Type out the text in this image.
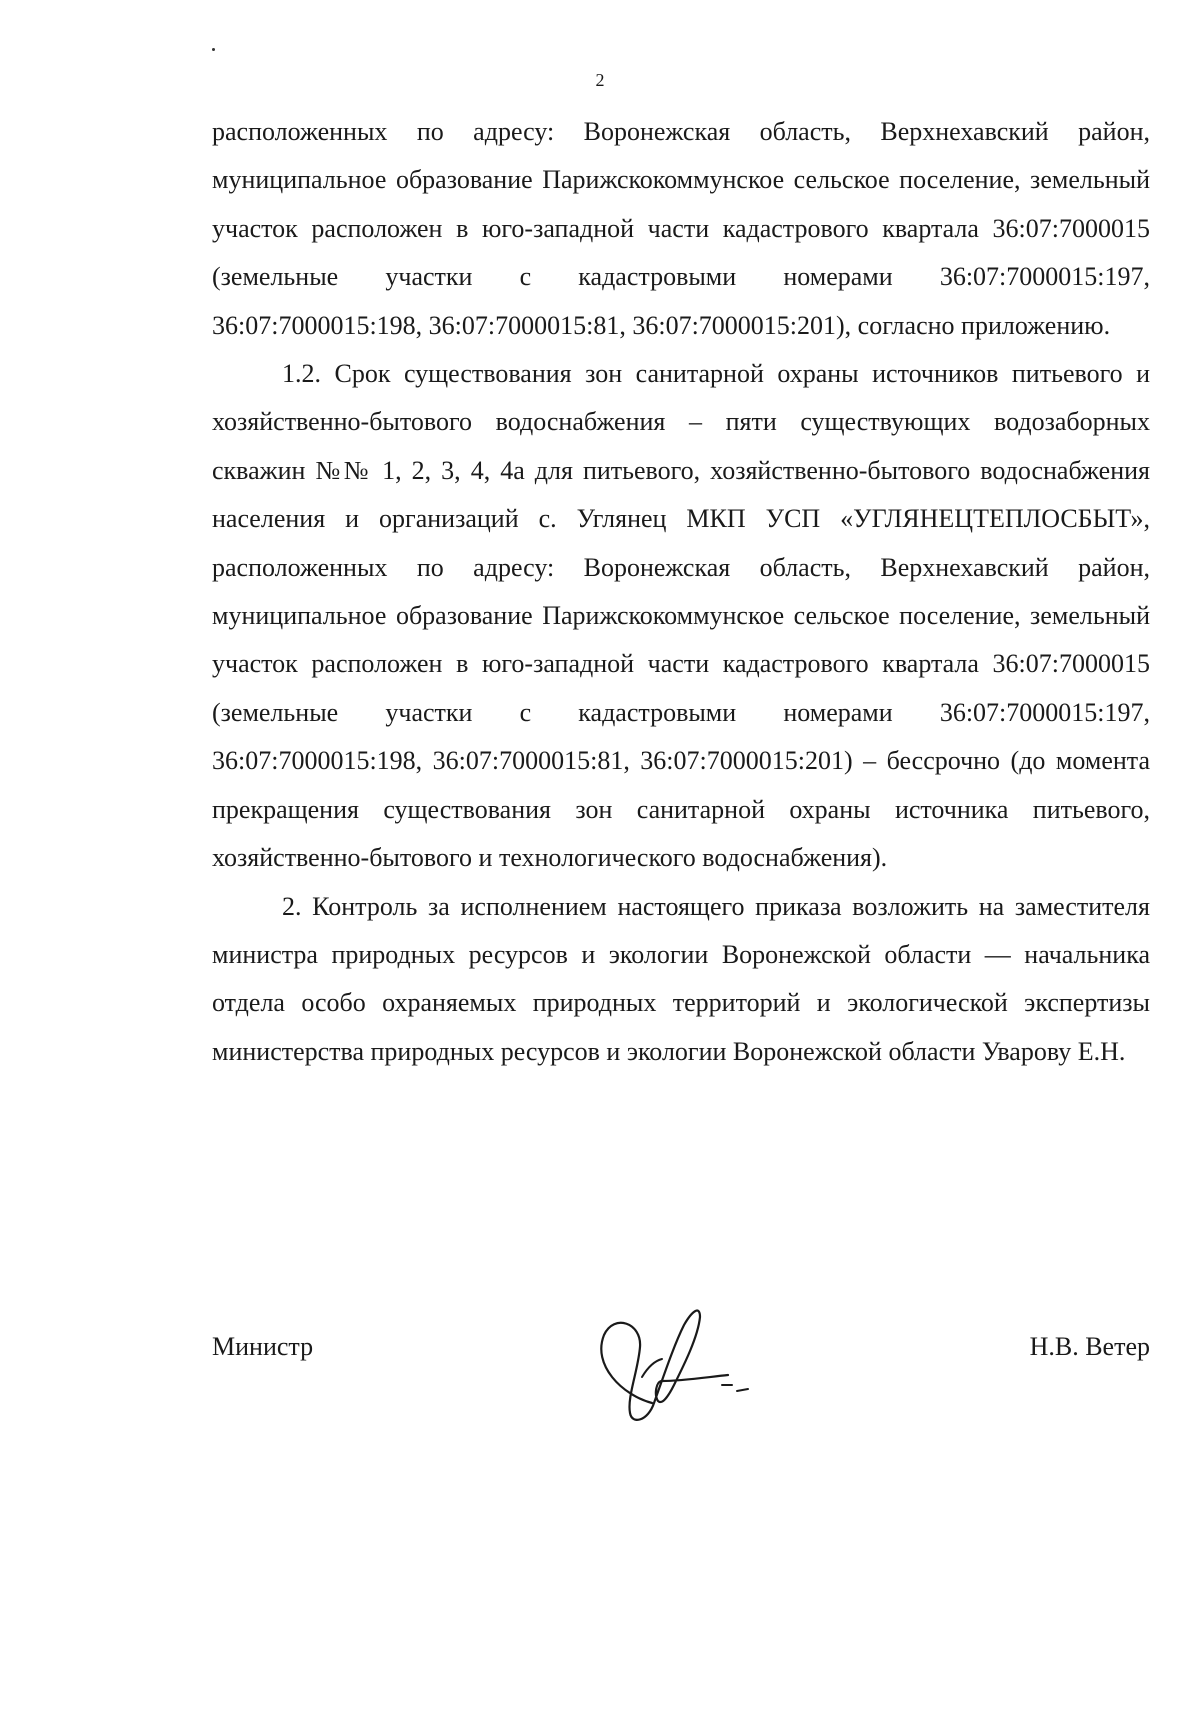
2

расположенных по адресу: Воронежская область, Верхнехавский район, муниципальное образование Парижскокоммунское сельское поселение, земельный участок расположен в юго-западной части кадастрового квартала 36:07:7000015 (земельные участки с кадастровыми номерами 36:07:7000015:197, 36:07:7000015:198, 36:07:7000015:81, 36:07:7000015:201), согласно приложению.

1.2. Срок существования зон санитарной охраны источников питьевого и хозяйственно-бытового водоснабжения – пяти существующих водозаборных скважин №№ 1, 2, 3, 4, 4а для питьевого, хозяйственно-бытового водоснабжения населения и организаций с. Углянец МКП УСП «УГЛЯНЕЦТЕПЛОСБЫТ», расположенных по адресу: Воронежская область, Верхнехавский район, муниципальное образование Парижскокоммунское сельское поселение, земельный участок расположен в юго-западной части кадастрового квартала 36:07:7000015 (земельные участки с кадастровыми номерами 36:07:7000015:197, 36:07:7000015:198, 36:07:7000015:81, 36:07:7000015:201) – бессрочно (до момента прекращения существования зон санитарной охраны источника питьевого, хозяйственно-бытового и технологического водоснабжения).

2. Контроль за исполнением настоящего приказа возложить на заместителя министра природных ресурсов и экологии Воронежской области — начальника отдела особо охраняемых природных территорий и экологической экспертизы министерства природных ресурсов и экологии Воронежской области Уварову Е.Н.

Министр	Н.В. Ветер
